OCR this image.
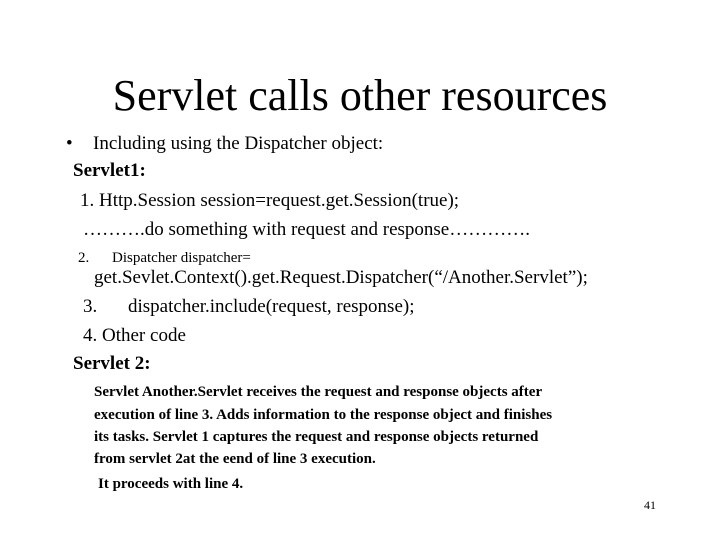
Servlet calls other resources
• Including using the Dispatcher object:
Servlet1:
1. Http.Session session=request.get.Session(true);
……….do something with request and response………….
2. Dispatcher dispatcher=
get.Sevlet.Context().get.Request.Dispatcher(“/Another.Servlet”);
3. dispatcher.include(request, response);
4. Other code
Servlet 2:
Servlet Another.Servlet receives the request and response objects after
execution of line 3. Adds information to the response object and finishes
its tasks. Servlet 1 captures the request and response objects returned
from servlet 2at the eend of line 3 execution.
It proceeds with line 4.
41
